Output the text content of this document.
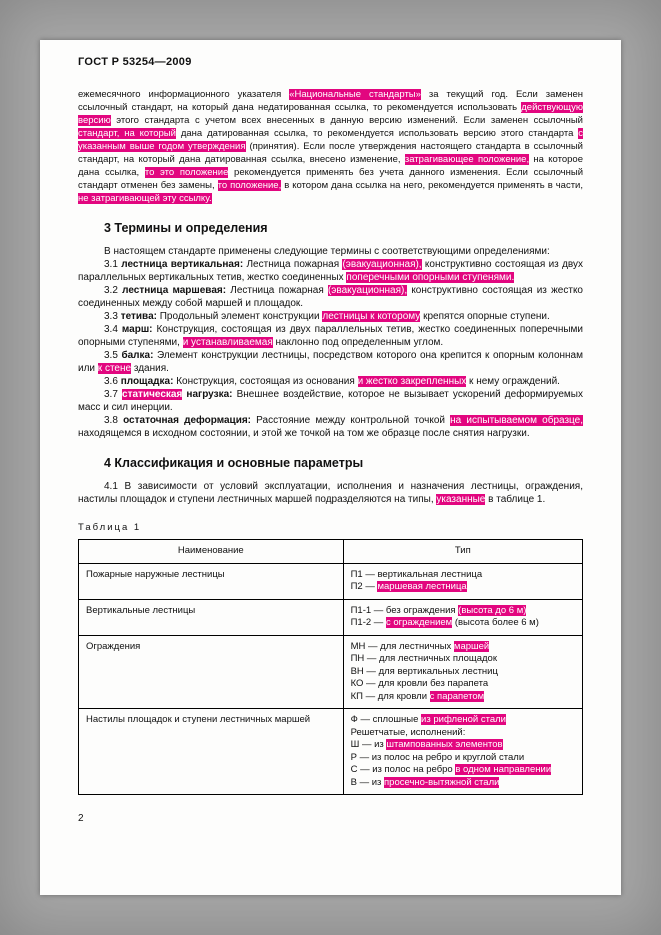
ГОСТ Р 53254—2009

ежемесячного информационного указателя «Национальные стандарты» за текущий год. Если заменен ссылочный стандарт, на который дана недатированная ссылка, то рекомендуется использовать действующую версию этого стандарта с учетом всех внесенных в данную версию изменений. Если заменен ссылочный стандарт, на который дана датированная ссылка, то рекомендуется использовать версию этого стандарта с указанным выше годом утверждения (принятия). Если после утверждения настоящего стандарта в ссылочный стандарт, на который дана датированная ссылка, внесено изменение, затрагивающее положение, на которое дана ссылка, то это положение рекомендуется применять без учета данного изменения. Если ссылочный стандарт отменен без замены, то положение, в котором дана ссылка на него, рекомендуется применять в части, не затрагивающей эту ссылку.

3 Термины и определения

В настоящем стандарте применены следующие термины с соответствующими определениями:

3.1 лестница вертикальная: Лестница пожарная (эвакуационная), конструктивно состоящая из двух параллельных вертикальных тетив, жестко соединенных поперечными опорными ступенями.

3.2 лестница маршевая: Лестница пожарная (эвакуационная), конструктивно состоящая из жестко соединенных между собой маршей и площадок.

3.3 тетива: Продольный элемент конструкции лестницы к которому крепятся опорные ступени.

3.4 марш: Конструкция, состоящая из двух параллельных тетив, жестко соединенных поперечными опорными ступенями, и устанавливаемая наклонно под определенным углом.

3.5 балка: Элемент конструкции лестницы, посредством которого она крепится к опорным колоннам или к стене здания.

3.6 площадка: Конструкция, состоящая из основания и жестко закрепленных к нему ограждений.

3.7 статическая нагрузка: Внешнее воздействие, которое не вызывает ускорений деформируемых масс и сил инерции.

3.8 остаточная деформация: Расстояние между контрольной точкой на испытываемом образце, находящемся в исходном состоянии, и этой же точкой на том же образце после снятия нагрузки.

4 Классификация и основные параметры

4.1 В зависимости от условий эксплуатации, исполнения и назначения лестницы, ограждения, настилы площадок и ступени лестничных маршей подразделяются на типы, указанные в таблице 1.

Таблица 1
Наименование	Тип
Пожарные наружные лестницы	П1 — вертикальная лестница
П2 — маршевая лестница

Вертикальные лестницы	П1-1 — без ограждения (высота до 6 м)
П1-2 — с ограждением (высота более 6 м)

Ограждения	МН — для лестничных маршей
ПН — для лестничных площадок
ВН — для вертикальных лестниц
КО — для кровли без парапета
КП — для кровли с парапетом

Настилы площадок и ступени лестничных маршей	Ф — сплошные из рифленой стали
Решетчатые, исполнений:
Ш — из штампованных элементов
Р — из полос на ребро и круглой стали
С — из полос на ребро в одном направлении
В — из просечно-вытяжной стали
2
